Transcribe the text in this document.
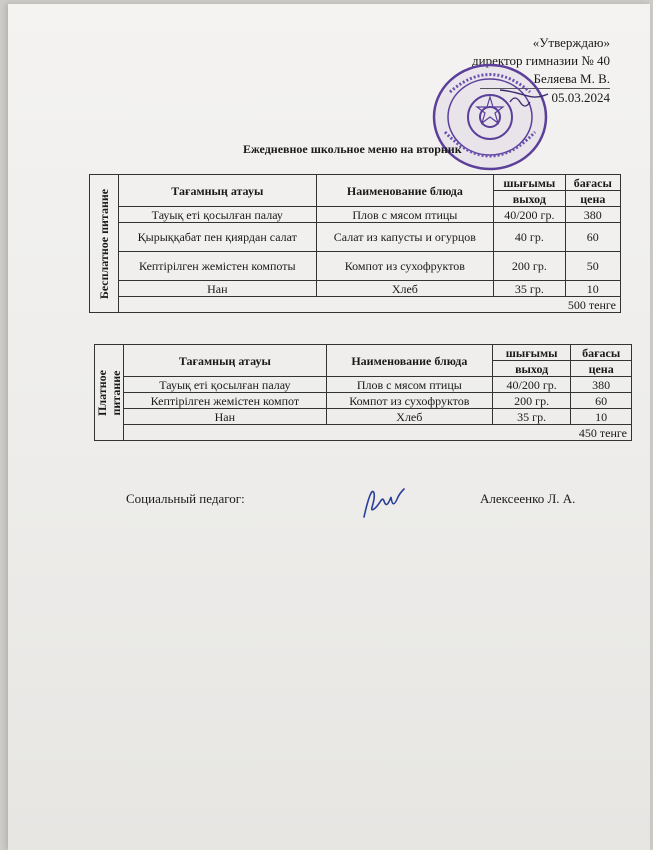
«Утверждаю»
директор гимназии № 40
Беляева М. В.
05.03.2024
Ежедневное школьное меню на вторник
Бесплатное питание	Тағамның атауы	Наименование блюда	шығымы	бағасы
			выход	цена
	Тауық еті қосылған палау	Плов с мясом птицы	40/200 гр.	380
	Қырыққабат пен қиярдан салат	Салат из капусты и огурцов	40 гр.	60
	Кептірілген жемістен компоты	Компот из сухофруктов	200 гр.	50
	Нан	Хлеб	35 гр.	10
	500 тенге			
Платное
питание	Тағамның атауы	Наименование блюда	шығымы	бағасы
			выход	цена
	Тауық еті қосылған палау	Плов с мясом птицы	40/200 гр.	380
	Кептірілген жемістен компот	Компот из сухофруктов	200 гр.	60
	Нан	Хлеб	35 гр.	10
	450 тенге			
Социальный педагог:	Алексеенко Л. А.
